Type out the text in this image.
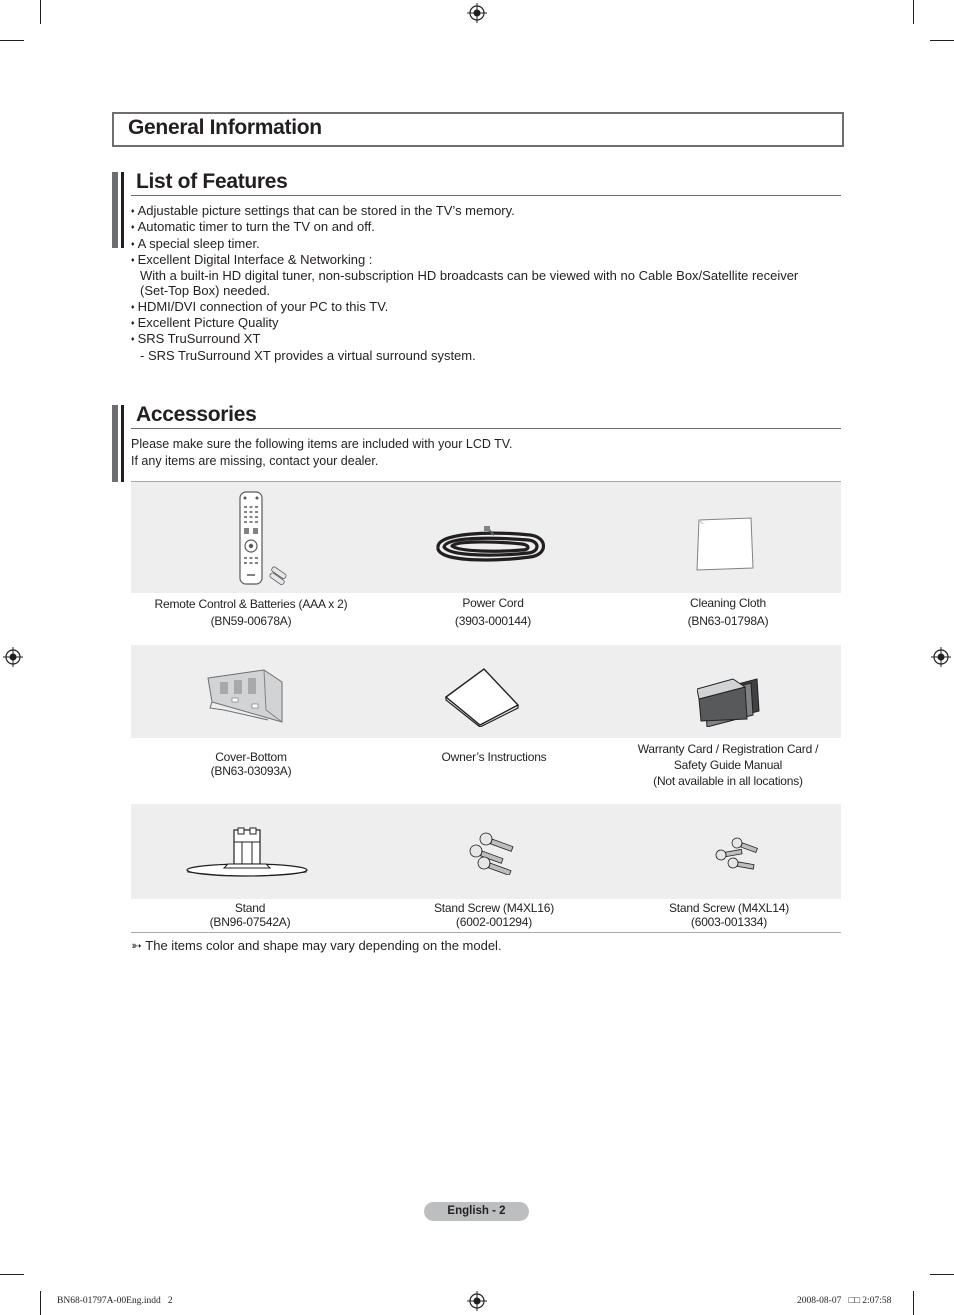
General Information
List of Features
♦ Adjustable picture settings that can be stored in the TV’s memory.
♦ Automatic timer to turn the TV on and off.
♦ A special sleep timer.
♦ Excellent Digital Interface & Networking :
With a built-in HD digital tuner, non-subscription HD broadcasts can be viewed with no Cable Box/Satellite receiver
(Set-Top Box) needed.
♦ HDMI/DVI connection of your PC to this TV.
♦ Excellent Picture Quality
♦ SRS TruSurround XT
- SRS TruSurround XT provides a virtual surround system.
Accessories
Please make sure the following items are included with your LCD TV.
If any items are missing, contact your dealer.
Remote Control & Batteries (AAA x 2)
(BN59-00678A)
Power Cord
(3903-000144)
Cleaning Cloth
(BN63-01798A)
Cover-Bottom
(BN63-03093A)
Owner’s Instructions
Warranty Card / Registration Card /
Safety Guide Manual
(Not available in all locations)
Stand
(BN96-07542A)
Stand Screw (M4XL16)
(6002-001294)
Stand Screw (M4XL14)
(6003-001334)
➳ The items color and shape may vary depending on the model.
English - 2
BN68-01797A-00Eng.indd   2	2008-08-07   □□ 2:07:58
